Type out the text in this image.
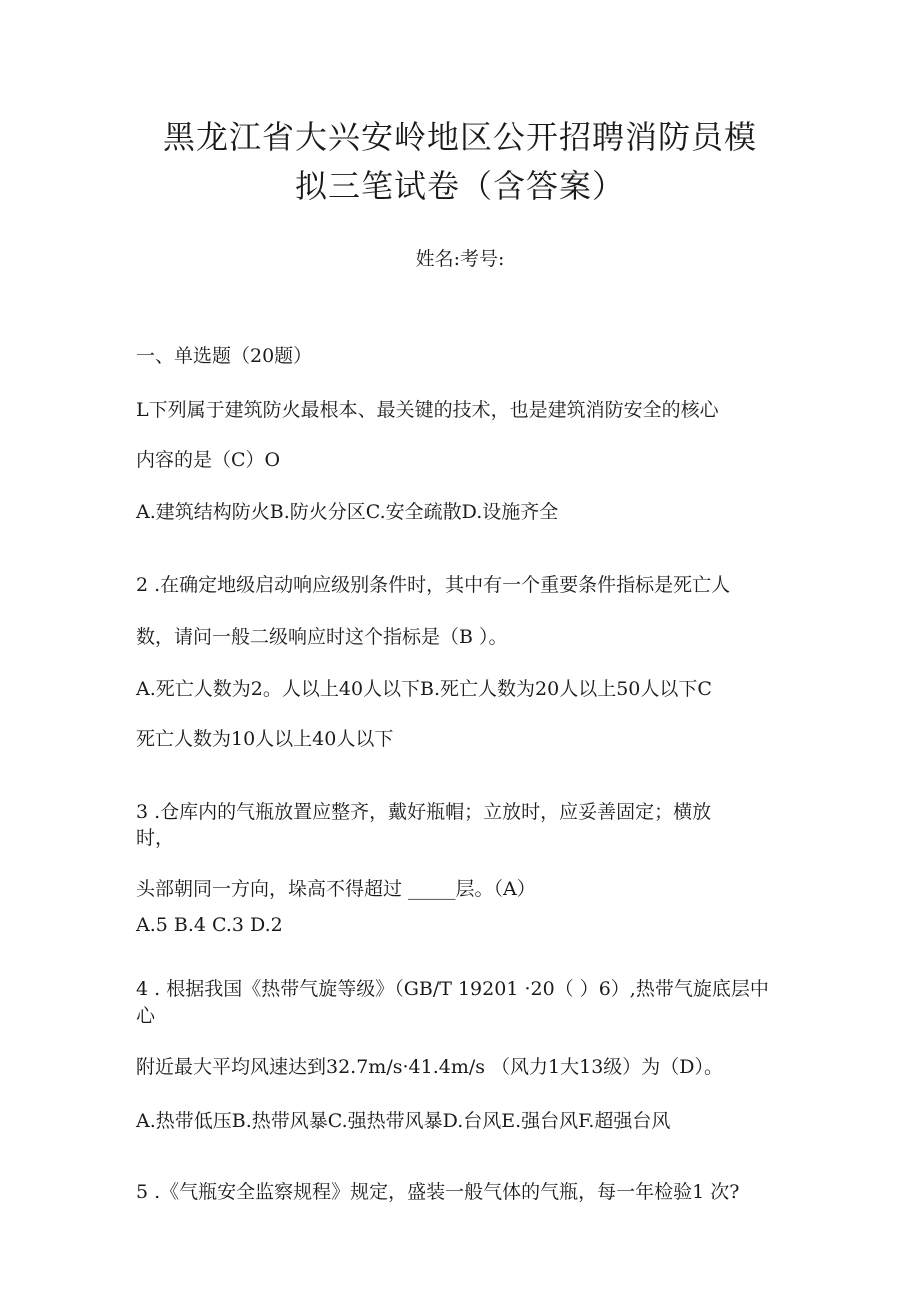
黑龙江省大兴安岭地区公开招聘消防员模
拟三笔试卷（含答案）
姓名:考号:
一、单选题（20题）
L下列属于建筑防火最根本、最关键的技术，也是建筑消防安全的核心
内容的是（C）O
A.建筑结构防火B.防火分区C.安全疏散D.设施齐全
2 .在确定地级启动响应级别条件时，其中有一个重要条件指标是死亡人
数，请问一般二级响应时这个指标是（B ）。
A.死亡人数为2。人以上40人以下B.死亡人数为20人以上50人以下C
死亡人数为10人以上40人以下
3 .仓库内的气瓶放置应整齐，戴好瓶帽；立放时，应妥善固定；横放
时，
头部朝同一方向，垛高不得超过 _____层。（A）
A.5 B.4 C.3 D.2
4 . 根据我国《热带气旋等级》（GB/T 19201 ·20（ ）6）,热带气旋底层中
心
附近最大平均风速达到32.7m/s·41.4m/s （风力1大13级）为（D）。
A.热带低压B.热带风暴C.强热带风暴D.台风E.强台风F.超强台风
5 .《气瓶安全监察规程》规定，盛装一般气体的气瓶，每一年检验1 次?
